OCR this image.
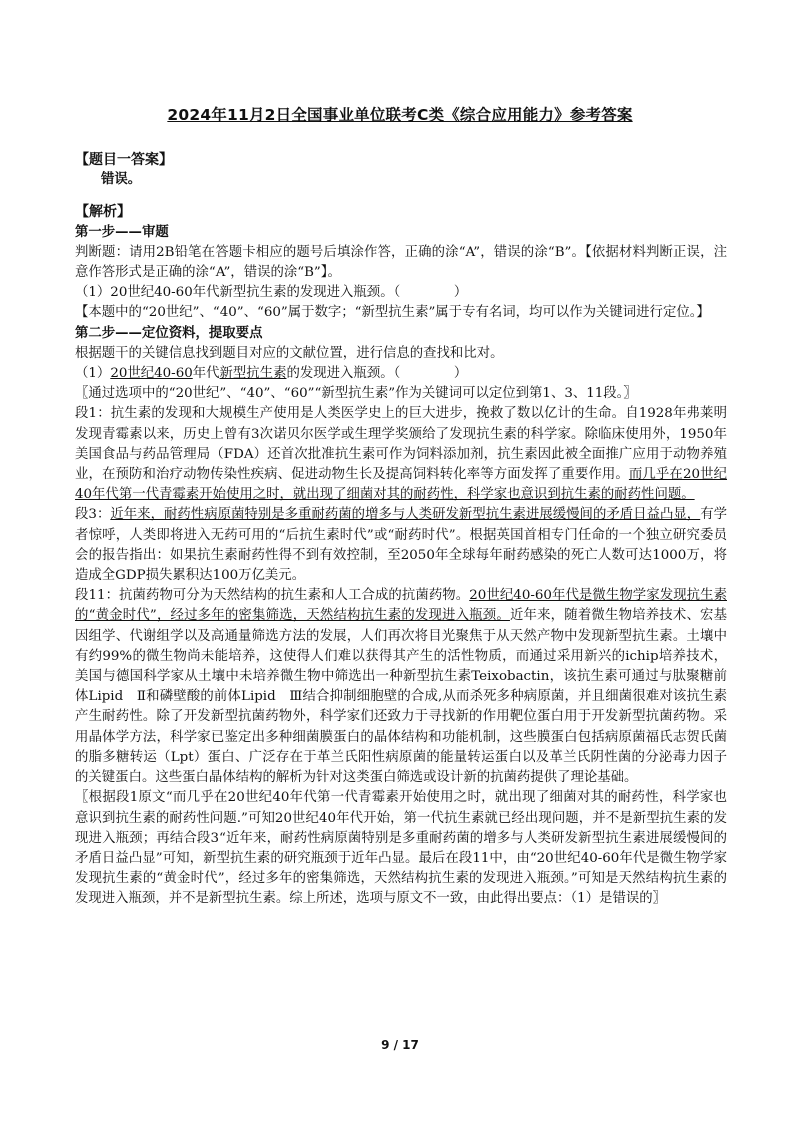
2024年11月2日全国事业单位联考C类《综合应用能力》参考答案

【题目一答案】

错误。

【解析】

第一步——审题

判断题：请用2B铅笔在答题卡相应的题号后填涂作答，正确的涂“A”，错误的涂“B”。【依据材料判断正误，注意作答形式是正确的涂“A”，错误的涂“B”】。

（1）20世纪40-60年代新型抗生素的发现进入瓶颈。（　　　　）

【本题中的“20世纪”、“40”、“60”属于数字；“新型抗生素”属于专有名词，均可以作为关键词进行定位。】

第二步——定位资料，提取要点

根据题干的关键信息找到题目对应的文献位置，进行信息的查找和比对。

（1）20世纪40-60年代新型抗生素的发现进入瓶颈。（　　　　）

〖通过选项中的“20世纪”、“40”、“60”“新型抗生素”作为关键词可以定位到第1、3、11段。〗

段1：抗生素的发现和大规模生产使用是人类医学史上的巨大进步，挽救了数以亿计的生命。自1928年弗莱明发现青霉素以来，历史上曾有3次诺贝尔医学或生理学奖颁给了发现抗生素的科学家。除临床使用外，1950年美国食品与药品管理局（FDA）还首次批准抗生素可作为饲料添加剂，抗生素因此被全面推广应用于动物养殖业，在预防和治疗动物传染性疾病、促进动物生长及提高饲料转化率等方面发挥了重要作用。而几乎在20世纪40年代第一代青霉素开始使用之时，就出现了细菌对其的耐药性，科学家也意识到抗生素的耐药性问题。

段3：近年来，耐药性病原菌特别是多重耐药菌的增多与人类研发新型抗生素进展缓慢间的矛盾日益凸显，有学者惊呼，人类即将进入无药可用的“后抗生素时代”或“耐药时代”。根据英国首相专门任命的一个独立研究委员会的报告指出：如果抗生素耐药性得不到有效控制，至2050年全球每年耐药感染的死亡人数可达1000万，将造成全GDP损失累积达100万亿美元。

段11：抗菌药物可分为天然结构的抗生素和人工合成的抗菌药物。20世纪40-60年代是微生物学家发现抗生素的“黄金时代”，经过多年的密集筛选，天然结构抗生素的发现进入瓶颈。近年来，随着微生物培养技术、宏基因组学、代谢组学以及高通量筛选方法的发展，人们再次将目光聚焦于从天然产物中发现新型抗生素。土壤中有约99%的微生物尚未能培养，这使得人们难以获得其产生的活性物质，而通过采用新兴的ichip培养技术，美国与德国科学家从土壤中未培养微生物中筛选出一种新型抗生素Teixobactin，该抗生素可通过与肽聚糖前体Lipid　Ⅱ和磷壁酸的前体Lipid　Ⅲ结合抑制细胞壁的合成,从而杀死多种病原菌，并且细菌很难对该抗生素产生耐药性。除了开发新型抗菌药物外，科学家们还致力于寻找新的作用靶位蛋白用于开发新型抗菌药物。采用晶体学方法，科学家已鉴定出多种细菌膜蛋白的晶体结构和功能机制，这些膜蛋白包括病原菌福氏志贺氏菌的脂多糖转运（Lpt）蛋白、广泛存在于革兰氏阳性病原菌的能量转运蛋白以及革兰氏阴性菌的分泌毒力因子的关键蛋白。这些蛋白晶体结构的解析为针对这类蛋白筛选或设计新的抗菌药提供了理论基础。

〖根据段1原文“而几乎在20世纪40年代第一代青霉素开始使用之时，就出现了细菌对其的耐药性，科学家也意识到抗生素的耐药性问题.”可知20世纪40年代开始，第一代抗生素就已经出现问题，并不是新型抗生素的发现进入瓶颈；再结合段3“近年来，耐药性病原菌特别是多重耐药菌的增多与人类研发新型抗生素进展缓慢间的矛盾日益凸显”可知，新型抗生素的研究瓶颈于近年凸显。最后在段11中，由“20世纪40-60年代是微生物学家发现抗生素的“黄金时代”，经过多年的密集筛选，天然结构抗生素的发现进入瓶颈。”可知是天然结构抗生素的发现进入瓶颈，并不是新型抗生素。综上所述，选项与原文不一致，由此得出要点：（1）是错误的〗

9 / 17
